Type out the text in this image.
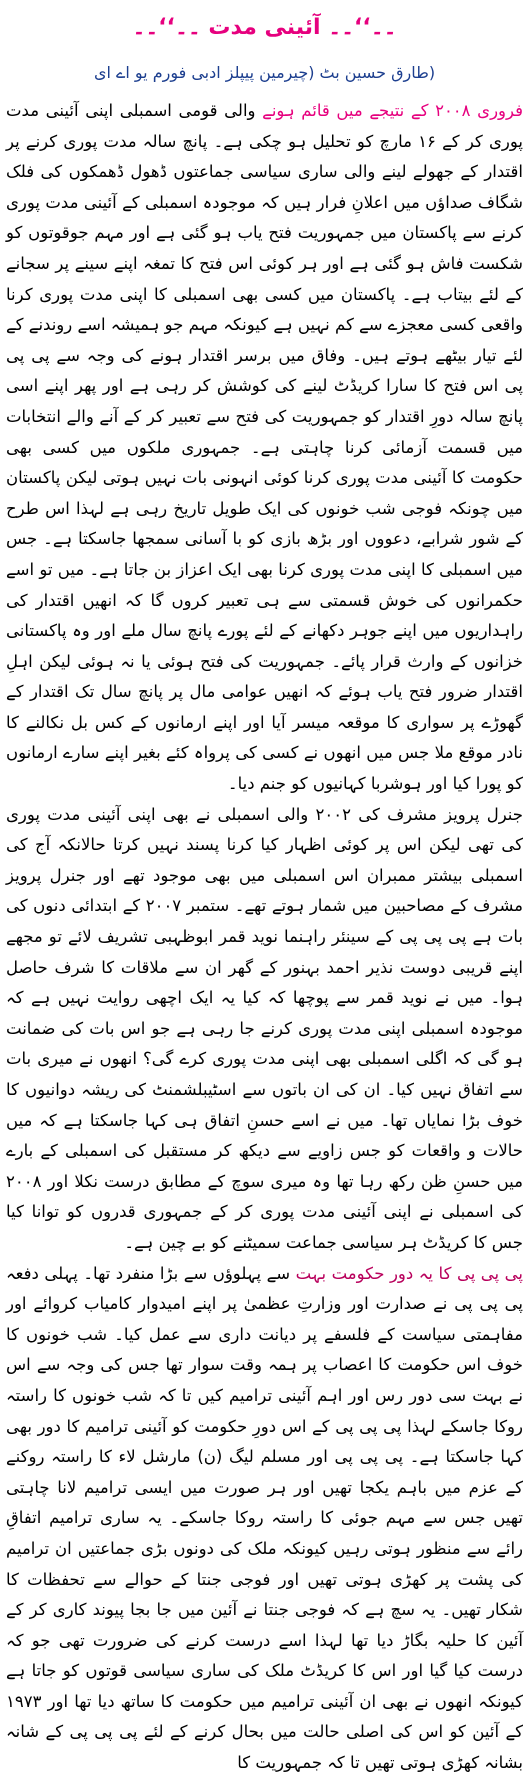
۔۔‘‘۔۔ آئینی مدت ۔۔‘‘۔۔
(طارق حسین بٹ (چیرمین پیپلز ادبی فورم یو اے ای

فروری ۲۰۰۸ کے نتیجے میں قائم ہونے والی قومی اسمبلی اپنی آئینی مدت پوری کر کے ۱۶ مارچ کو تحلیل ہو چکی ہے۔ پانچ سالہ مدت پوری کرنے پر اقتدار کے جھولے لینے والی ساری سیاسی جماعتوں ڈھول ڈھمکوں کی فلک شگاف صداؤں میں اعلانِ فرار ہیں کہ موجودہ اسمبلی کے آئینی مدت پوری کرنے سے پاکستان میں جمہوریت فتح یاب ہو گئی ہے اور مہم جوقوتوں کو شکست فاش ہو گئی ہے اور ہر کوئی اس فتح کا تمغہ اپنے سینے پر سجانے کے لئے بیتاب ہے۔ پاکستان میں کسی بھی اسمبلی کا اپنی مدت پوری کرنا واقعی کسی معجزے سے کم نہیں ہے کیونکہ مہم جو ہمیشہ اسے روندنے کے لئے تیار بیٹھے ہوتے ہیں۔ وفاق میں برسر اقتدار ہونے کی وجہ سے پی پی پی اس فتح کا سارا کریڈٹ لینے کی کوشش کر رہی ہے اور پھر اپنے اسی پانچ سالہ دورِ اقتدار کو جمہوریت کی فتح سے تعبیر کر کے آنے والے انتخابات میں قسمت آزمائی کرنا چاہتی ہے۔ جمہوری ملکوں میں کسی بھی حکومت کا آئینی مدت پوری کرنا کوئی انہونی بات نہیں ہوتی لیکن پاکستان میں چونکہ فوجی شب خونوں کی ایک طویل تاریخ رہی ہے لہذا اس طرح کے شور شرابے، دعووں اور بڑھ بازی کو با آسانی سمجھا جاسکتا ہے۔ جس میں اسمبلی کا اپنی مدت پوری کرنا بھی ایک اعزاز بن جاتا ہے۔ میں تو اسے حکمرانوں کی خوش قسمتی سے ہی تعبیر کروں گا کہ انھیں اقتدار کی راہداریوں میں اپنے جوہر دکھانے کے لئے پورے پانچ سال ملے اور وہ پاکستانی خزانوں کے وارث قرار پائے۔ جمہوریت کی فتح ہوئی یا نہ ہوئی لیکن اہلِ اقتدار ضرور فتح یاب ہوئے کہ انھیں عوامی مال پر پانچ سال تک اقتدار کے گھوڑے پر سواری کا موقعہ میسر آیا اور اپنے ارمانوں کے کس بل نکالنے کا نادر موقع ملا جس میں انھوں نے کسی کی پرواہ کئے بغیر اپنے سارے ارمانوں کو پورا کیا اور ہوشربا کہانیوں کو جنم دیا۔

جنرل پرویز مشرف کی ۲۰۰۲ والی اسمبلی نے بھی اپنی آئینی مدت پوری کی تھی لیکن اس پر کوئی اظہار کیا کرنا پسند نہیں کرتا حالانکہ آج کی اسمبلی بیشتر ممبران اس اسمبلی میں بھی موجود تھے اور جنرل پرویز مشرف کے مصاحبین میں شمار ہوتے تھے۔ ستمبر ۲۰۰۷ کے ابتدائی دنوں کی بات ہے پی پی پی کے سینئر راہنما نوید قمر ابوظہبی تشریف لائے تو مجھے اپنے قریبی دوست نذیر احمد بہنور کے گھر ان سے ملاقات کا شرف حاصل ہوا۔ میں نے نوید قمر سے پوچھا کہ کیا یہ ایک اچھی روایت نہیں ہے کہ موجودہ اسمبلی اپنی مدت پوری کرنے جا رہی ہے جو اس بات کی ضمانت ہو گی کہ اگلی اسمبلی بھی اپنی مدت پوری کرے گی؟ انھوں نے میری بات سے اتفاق نہیں کیا۔ ان کی ان باتوں سے اسٹیبلشمنٹ کی ریشہ دوانیوں کا خوف بڑا نمایاں تھا۔ میں نے اسے حسنِ اتفاق ہی کہا جاسکتا ہے کہ میں حالات و واقعات کو جس زاویے سے دیکھ کر مستقبل کی اسمبلی کے بارے میں حسنِ ظن رکھ رہا تھا وہ میری سوچ کے مطابق درست نکلا اور ۲۰۰۸ کی اسمبلی نے اپنی آئینی مدت پوری کر کے جمہوری قدروں کو توانا کیا جس کا کریڈٹ ہر سیاسی جماعت سمیٹنے کو بے چین ہے۔

پی پی پی کا یہ دور حکومت بہت سے پہلوؤں سے بڑا منفرد تھا۔ پہلی دفعہ پی پی پی نے صدارت اور وزارتِ عظمیٰ پر اپنے امیدوار کامیاب کروائے اور مفاہمتی سیاست کے فلسفے پر دیانت داری سے عمل کیا۔ شب خونوں کا خوف اس حکومت کا اعصاب پر ہمہ وقت سوار تھا جس کی وجہ سے اس نے بہت سی دور رس اور اہم آئینی ترامیم کیں تا کہ شب خونوں کا راستہ روکا جاسکے لہذا پی پی پی کے اس دورِ حکومت کو آئینی ترامیم کا دور بھی کہا جاسکتا ہے۔ پی پی پی اور مسلم لیگ (ن) مارشل لاء کا راستہ روکنے کے عزم میں باہم یکجا تھیں اور ہر صورت میں ایسی ترامیم لانا چاہتی تھیں جس سے مہم جوئی کا راستہ روکا جاسکے۔ یہ ساری ترامیم اتفاقِ رائے سے منظور ہوتی رہیں کیونکہ ملک کی دونوں بڑی جماعتیں ان ترامیم کی پشت پر کھڑی ہوتی تھیں اور فوجی جنتا کے حوالے سے تحفظات کا شکار تھیں۔ یہ سچ ہے کہ فوجی جنتا نے آئین میں جا بجا پیوند کاری کر کے آئین کا حلیہ بگاڑ دیا تھا لہذا اسے درست کرنے کی ضرورت تھی جو کہ درست کیا گیا اور اس کا کریڈٹ ملک کی ساری سیاسی قوتوں کو جاتا ہے کیونکہ انھوں نے بھی ان آئینی ترامیم میں حکومت کا ساتھ دیا تھا اور ۱۹۷۳ کے آئین کو اس کی اصلی حالت میں بحال کرنے کے لئے پی پی پی کے شانہ بشانہ کھڑی ہوتی تھیں تا کہ جمہوریت کا
